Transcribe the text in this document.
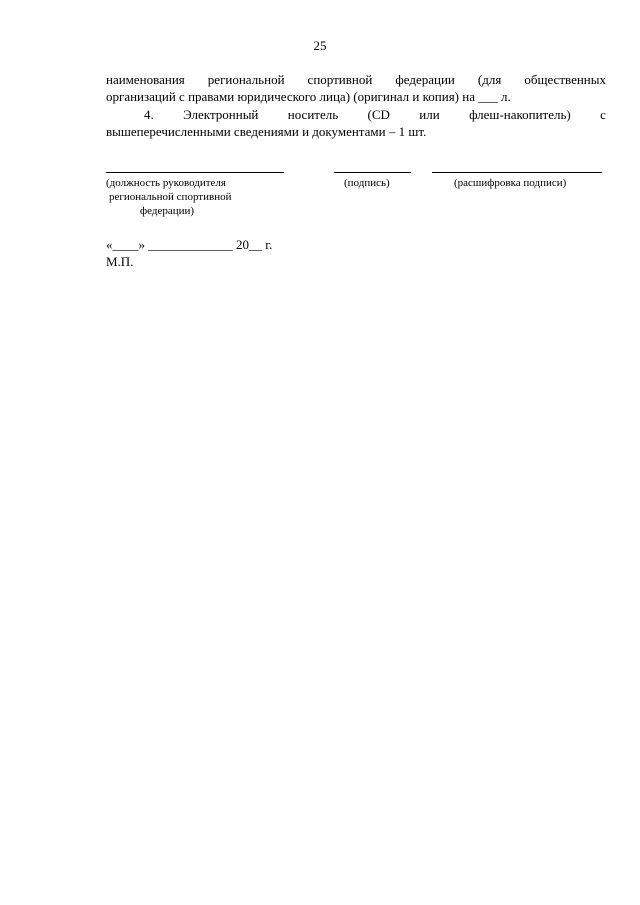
25
наименования региональной спортивной федерации (для общественных
организаций с правами юридического лица) (оригинал и копия) на ___ л.
4. Электронный носитель (CD или флеш-накопитель) с
вышеперечисленными сведениями и документами – 1 шт.
(должность руководителя
региональной спортивной
федерации)
(подпись)	(расшифровка подписи)
«____» _____________ 20__ г.
М.П.
